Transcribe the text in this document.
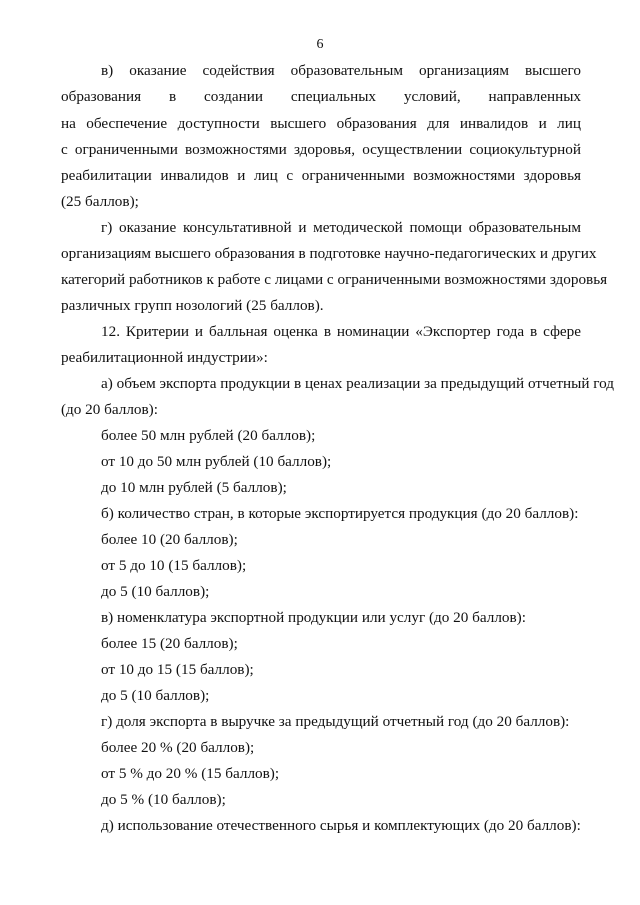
6
в) оказание содействия образовательным организациям высшего
образования в создании специальных условий, направленных
на обеспечение доступности высшего образования для инвалидов и лиц
с ограниченными возможностями здоровья, осуществлении социокультурной
реабилитации инвалидов и лиц с ограниченными возможностями здоровья
(25 баллов);
г) оказание консультативной и методической помощи образовательным
организациям высшего образования в подготовке научно-педагогических и других
категорий работников к работе с лицами с ограниченными возможностями здоровья
различных групп нозологий (25 баллов).
12. Критерии и балльная оценка в номинации «Экспортер года в сфере
реабилитационной индустрии»:
а) объем экспорта продукции в ценах реализации за предыдущий отчетный год
(до 20 баллов):
более 50 млн рублей (20 баллов);
от 10 до 50 млн рублей (10 баллов);
до 10 млн рублей (5 баллов);
б) количество стран, в которые экспортируется продукция (до 20 баллов):
более 10 (20 баллов);
от 5 до 10 (15 баллов);
до 5 (10 баллов);
в) номенклатура экспортной продукции или услуг (до 20 баллов):
более 15 (20 баллов);
от 10 до 15 (15 баллов);
до 5 (10 баллов);
г) доля экспорта в выручке за предыдущий отчетный год (до 20 баллов):
более 20 % (20 баллов);
от 5 % до 20 % (15 баллов);
до 5 % (10 баллов);
д) использование отечественного сырья и комплектующих (до 20 баллов):
